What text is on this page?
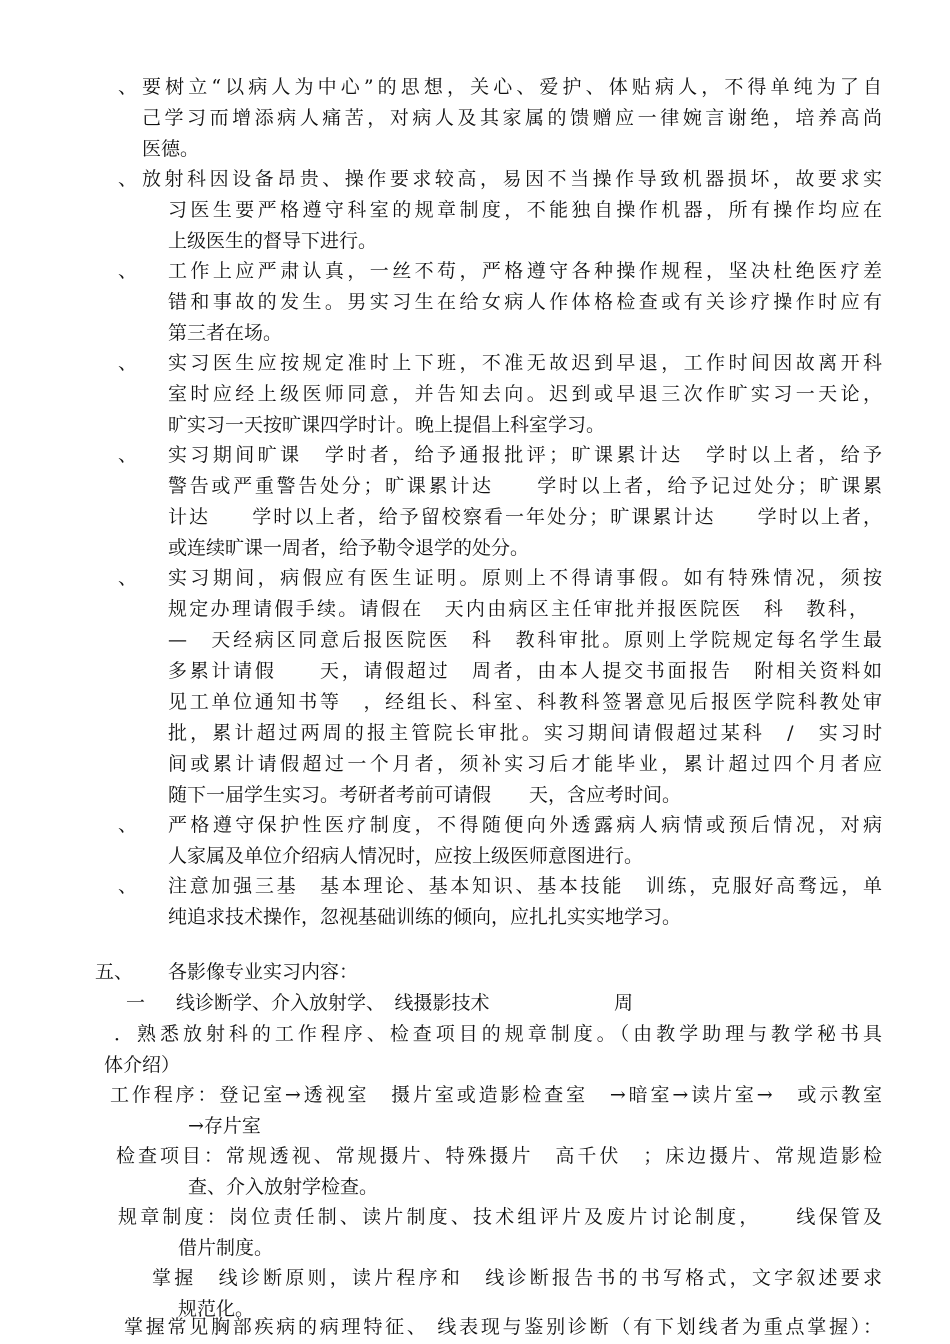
、 要树立“以病人为中心”的思想，关心、爱护、体贴病人，不得单纯为了自
己学习而增添病人痛苦，对病人及其家属的馈赠应一律婉言谢绝，培养高尚
医德。
、 放射科因设备昂贵、操作要求较高，易因不当操作导致机器损坏，故要求实
习医生要严格遵守科室的规章制度，不能独自操作机器，所有操作均应在
上级医生的督导下进行。
、 工作上应严肃认真，一丝不苟，严格遵守各种操作规程，坚决杜绝医疗差
错和事故的发生。男实习生在给女病人作体格检查或有关诊疗操作时应有
第三者在场。
、 实习医生应按规定准时上下班，不准无故迟到早退，工作时间因故离开科
室时应经上级医师同意，并告知去向。迟到或早退三次作旷实习一天论，
旷实习一天按旷课四学时计。晚上提倡上科室学习。
、 实习期间旷课　学时者，给予通报批评；旷课累计达　学时以上者，给予
警告或严重警告处分；旷课累计达　　学时以上者，给予记过处分；旷课累
计达　　学时以上者，给予留校察看一年处分；旷课累计达　　学时以上者，
或连续旷课一周者，给予勒令退学的处分。
、 实习期间，病假应有医生证明。原则上不得请事假。如有特殊情况，须按
规定办理请假手续。请假在　天内由病区主任审批并报医院医　科　教科，
—　天经病区同意后报医院医　科　教科审批。原则上学院规定每名学生最
多累计请假　　天，请假超过　周者，由本人提交书面报告　附相关资料如
见工单位通知书等　，经组长、科室、科教科签署意见后报医学院科教处审
批，累计超过两周的报主管院长审批。实习期间请假超过某科　/　实习时
间或累计请假超过一个月者，须补实习后才能毕业，累计超过四个月者应
随下一届学生实习。考研者考前可请假　　天，含应考时间。
、 严格遵守保护性医疗制度，不得随便向外透露病人病情或预后情况，对病
人家属及单位介绍病人情况时，应按上级医师意图进行。
、 注意加强三基　基本理论、基本知识、基本技能　训练，克服好高骛远，单
纯追求技术操作，忽视基础训练的倾向，应扎扎实实地学习。
五、 各影像专业实习内容：
一 线诊断学、介入放射学、　线摄影技术	周
．熟悉放射科的工作程序、检查项目的规章制度。（由教学助理与教学秘书具
体介绍）
工作程序：登记室→透视室　摄片室或造影检查室　→暗室→读片室→　或示教室
→存片室
检查项目：常规透视、常规摄片、特殊摄片　高千伏　；床边摄片、常规造影检
查、介入放射学检查。
规章制度：岗位责任制、读片制度、技术组评片及废片讨论制度，　　线保管及
借片制度。
掌握　线诊断原则，读片程序和　线诊断报告书的书写格式，文字叙述要求
规范化。
掌握常见胸部疾病的病理特征、 线表现与鉴别诊断（有下划线者为重点掌握）：
